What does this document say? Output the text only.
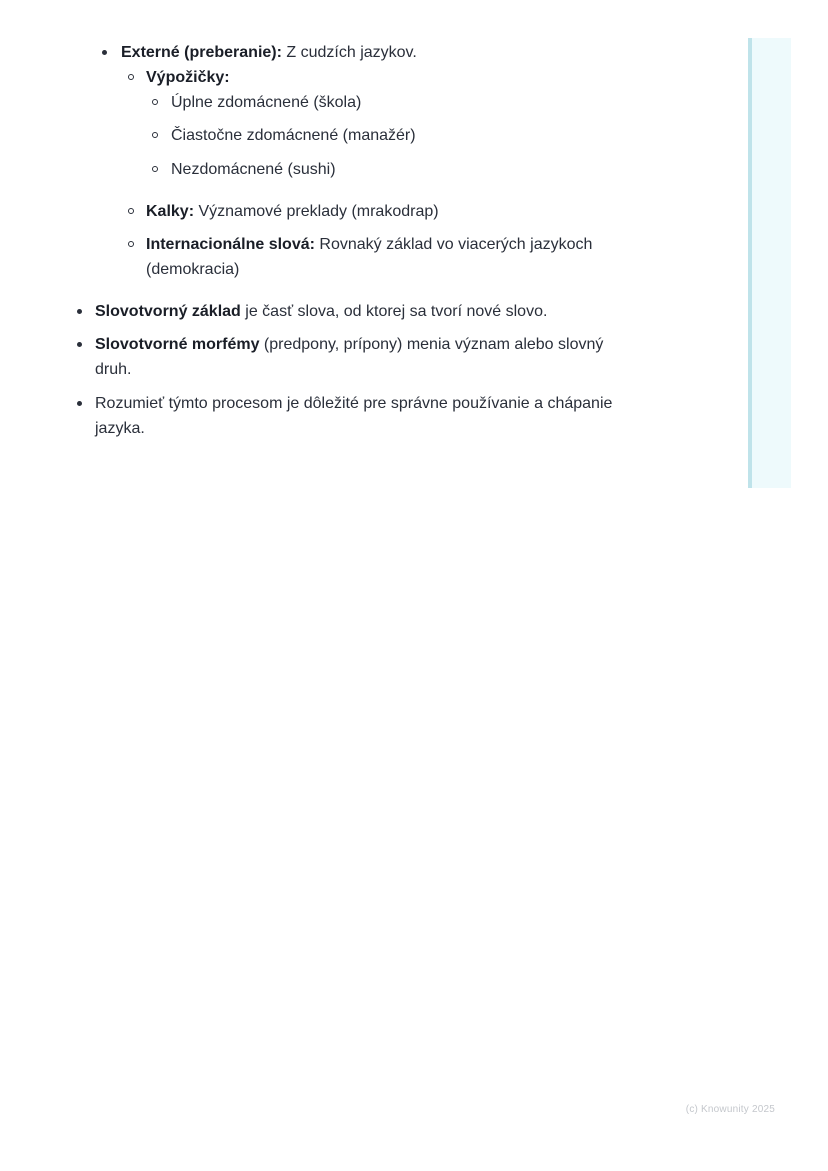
Externé (preberanie): Z cudzích jazykov.
Výpožičky:
Úplne zdomácnené (škola)
Čiastočne zdomácnené (manažér)
Nezdomácnené (sushi)
Kalky: Významové preklady (mrakodrap)
Internacionálne slová: Rovnaký základ vo viacerých jazykoch
(demokracia)
Slovotvorný základ je časť slova, od ktorej sa tvorí nové slovo.
Slovotvorné morfémy (predpony, prípony) menia význam alebo slovný
druh.
Rozumieť týmto procesom je dôležité pre správne používanie a chápanie
jazyka.
(c) Knowunity 2025
